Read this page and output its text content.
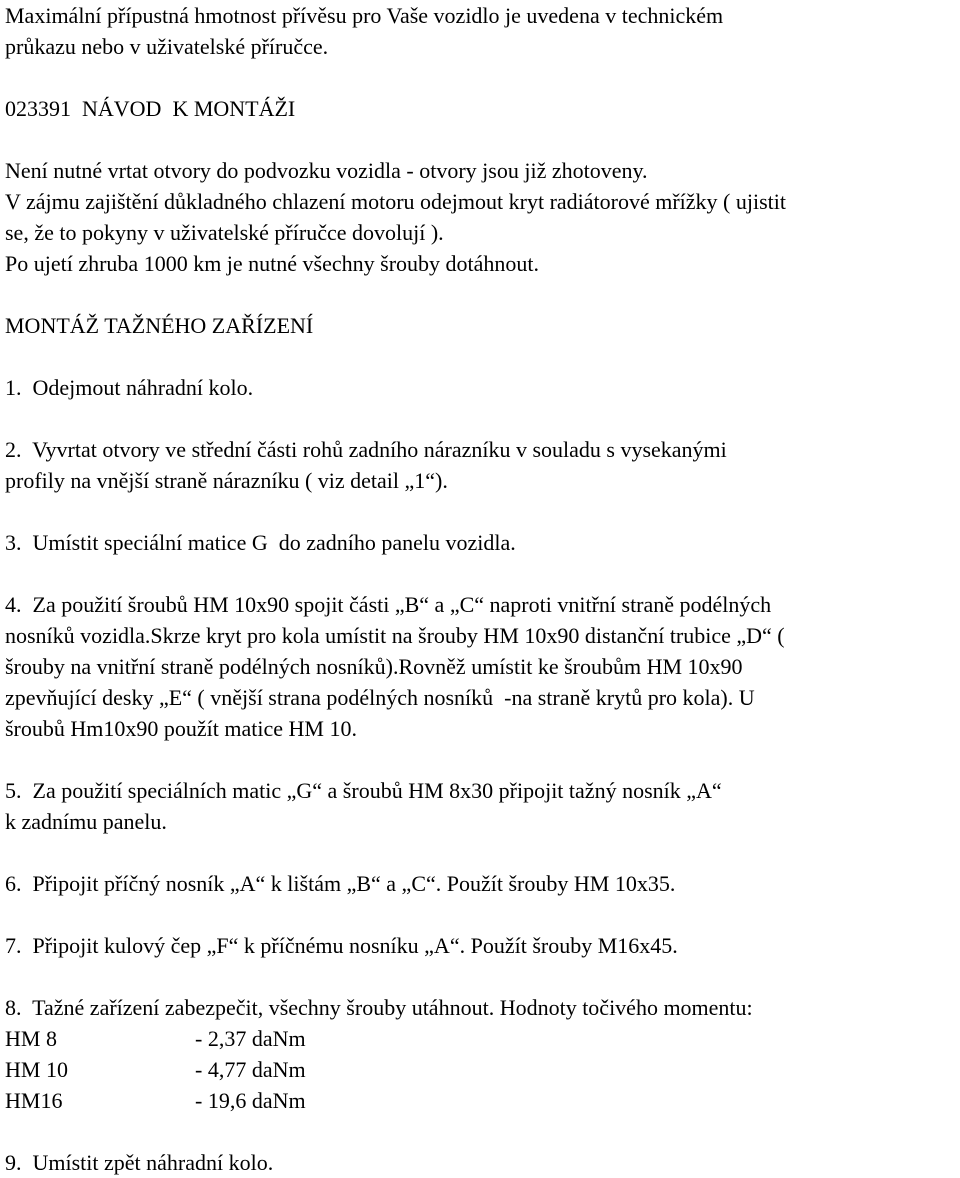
Maximální přípustná hmotnost přívěsu pro Vaše vozidlo je uvedena v technickém

průkazu nebo v uživatelské příručce.

023391  NÁVOD  K MONTÁŽI

Není nutné vrtat otvory do podvozku vozidla - otvory jsou již zhotoveny.

V zájmu zajištění důkladného chlazení motoru odejmout kryt radiátorové mřížky ( ujistit

se, že to pokyny v uživatelské příručce dovolují ).

Po ujetí zhruba 1000 km je nutné všechny šrouby dotáhnout.

MONTÁŽ TAŽNÉHO ZAŘÍZENÍ

1.  Odejmout náhradní kolo.

2.  Vyvrtat otvory ve střední části rohů zadního nárazníku v souladu s vysekanými

profily na vnější straně nárazníku ( viz detail „1“).

3.  Umístit speciální matice G  do zadního panelu vozidla.

4.  Za použití šroubů HM 10x90 spojit části „B“ a „C“ naproti vnitřní straně podélných

nosníků vozidla.Skrze kryt pro kola umístit na šrouby HM 10x90 distanční trubice „D“ (

šrouby na vnitřní straně podélných nosníků).Rovněž umístit ke šroubům HM 10x90

zpevňující desky „E“ ( vnější strana podélných nosníků  -na straně krytů pro kola). U

šroubů Hm10x90 použít matice HM 10.

5.  Za použití speciálních matic „G“ a šroubů HM 8x30 připojit tažný nosník „A“

k zadnímu panelu.

6.  Připojit příčný nosník „A“ k lištám „B“ a „C“. Použít šrouby HM 10x35.

7.  Připojit kulový čep „F“ k příčnému nosníku „A“. Použít šrouby M16x45.

8.  Tažné zařízení zabezpečit, všechny šrouby utáhnout. Hodnoty točivého momentu:

HM 8	- 2,37 daNm
HM 10	- 4,77 daNm
HM16	- 19,6 daNm

9.  Umístit zpět náhradní kolo.
